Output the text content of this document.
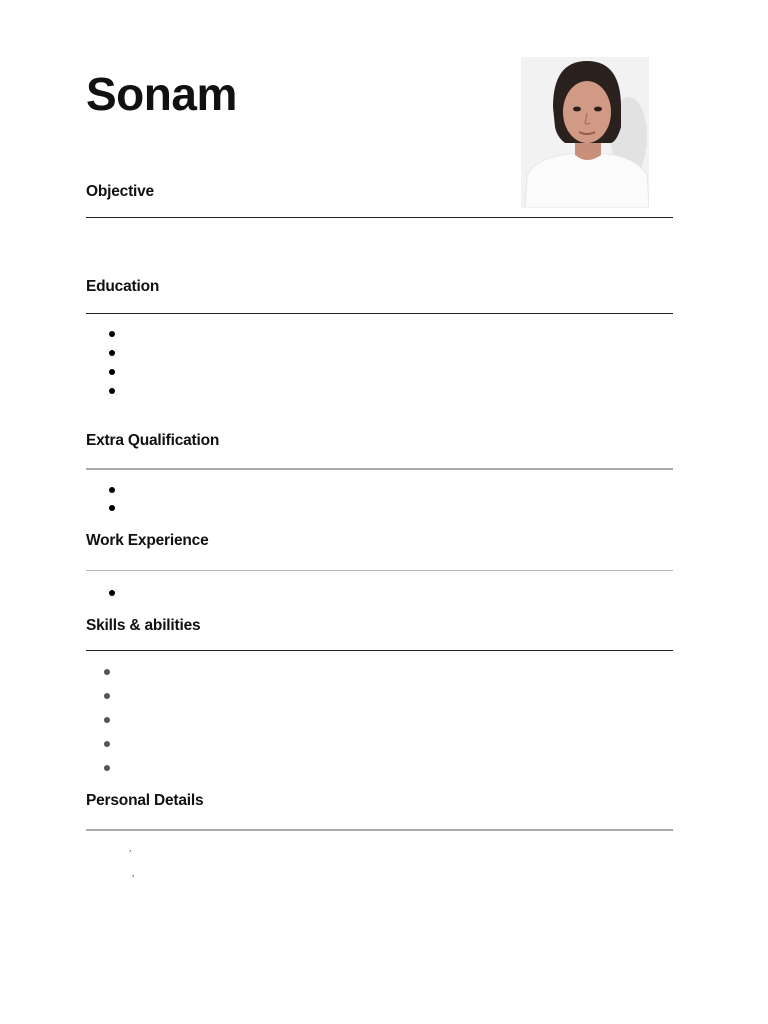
Sonam
Objective
Education
Extra Qualification
Work Experience
Skills & abilities
Personal Details
,
,
